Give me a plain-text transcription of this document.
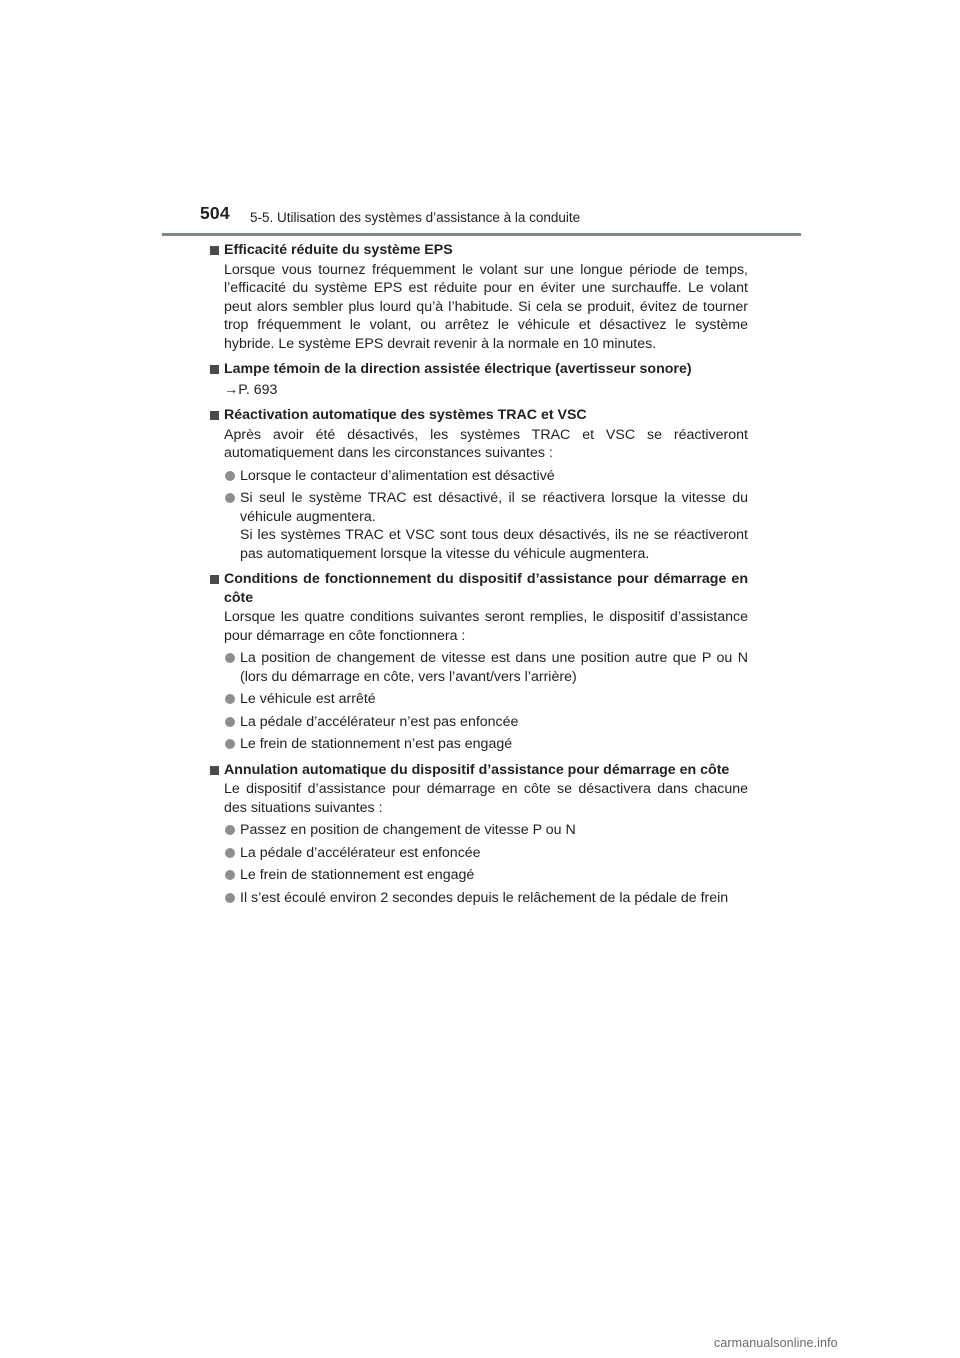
504 5-5. Utilisation des systèmes d’assistance à la conduite
Efficacité réduite du système EPS
Lorsque vous tournez fréquemment le volant sur une longue période de temps, l’efficacité du système EPS est réduite pour en éviter une surchauffe. Le volant peut alors sembler plus lourd qu’à l’habitude. Si cela se produit, évitez de tourner trop fréquemment le volant, ou arrêtez le véhicule et désactivez le système hybride. Le système EPS devrait revenir à la normale en 10 minutes.
Lampe témoin de la direction assistée électrique (avertisseur sonore)
→P. 693
Réactivation automatique des systèmes TRAC et VSC
Après avoir été désactivés, les systèmes TRAC et VSC se réactiveront automatiquement dans les circonstances suivantes :
Lorsque le contacteur d’alimentation est désactivé
Si seul le système TRAC est désactivé, il se réactivera lorsque la vitesse du véhicule augmentera.
Si les systèmes TRAC et VSC sont tous deux désactivés, ils ne se réactiveront pas automatiquement lorsque la vitesse du véhicule augmentera.
Conditions de fonctionnement du dispositif d’assistance pour démarrage en côte
Lorsque les quatre conditions suivantes seront remplies, le dispositif d’assistance pour démarrage en côte fonctionnera :
La position de changement de vitesse est dans une position autre que P ou N (lors du démarrage en côte, vers l’avant/vers l’arrière)
Le véhicule est arrêté
La pédale d’accélérateur n’est pas enfoncée
Le frein de stationnement n’est pas engagé
Annulation automatique du dispositif d’assistance pour démarrage en côte
Le dispositif d’assistance pour démarrage en côte se désactivera dans chacune des situations suivantes :
Passez en position de changement de vitesse P ou N
La pédale d’accélérateur est enfoncée
Le frein de stationnement est engagé
Il s’est écoulé environ 2 secondes depuis le relâchement de la pédale de frein
carmanualsonline.info
